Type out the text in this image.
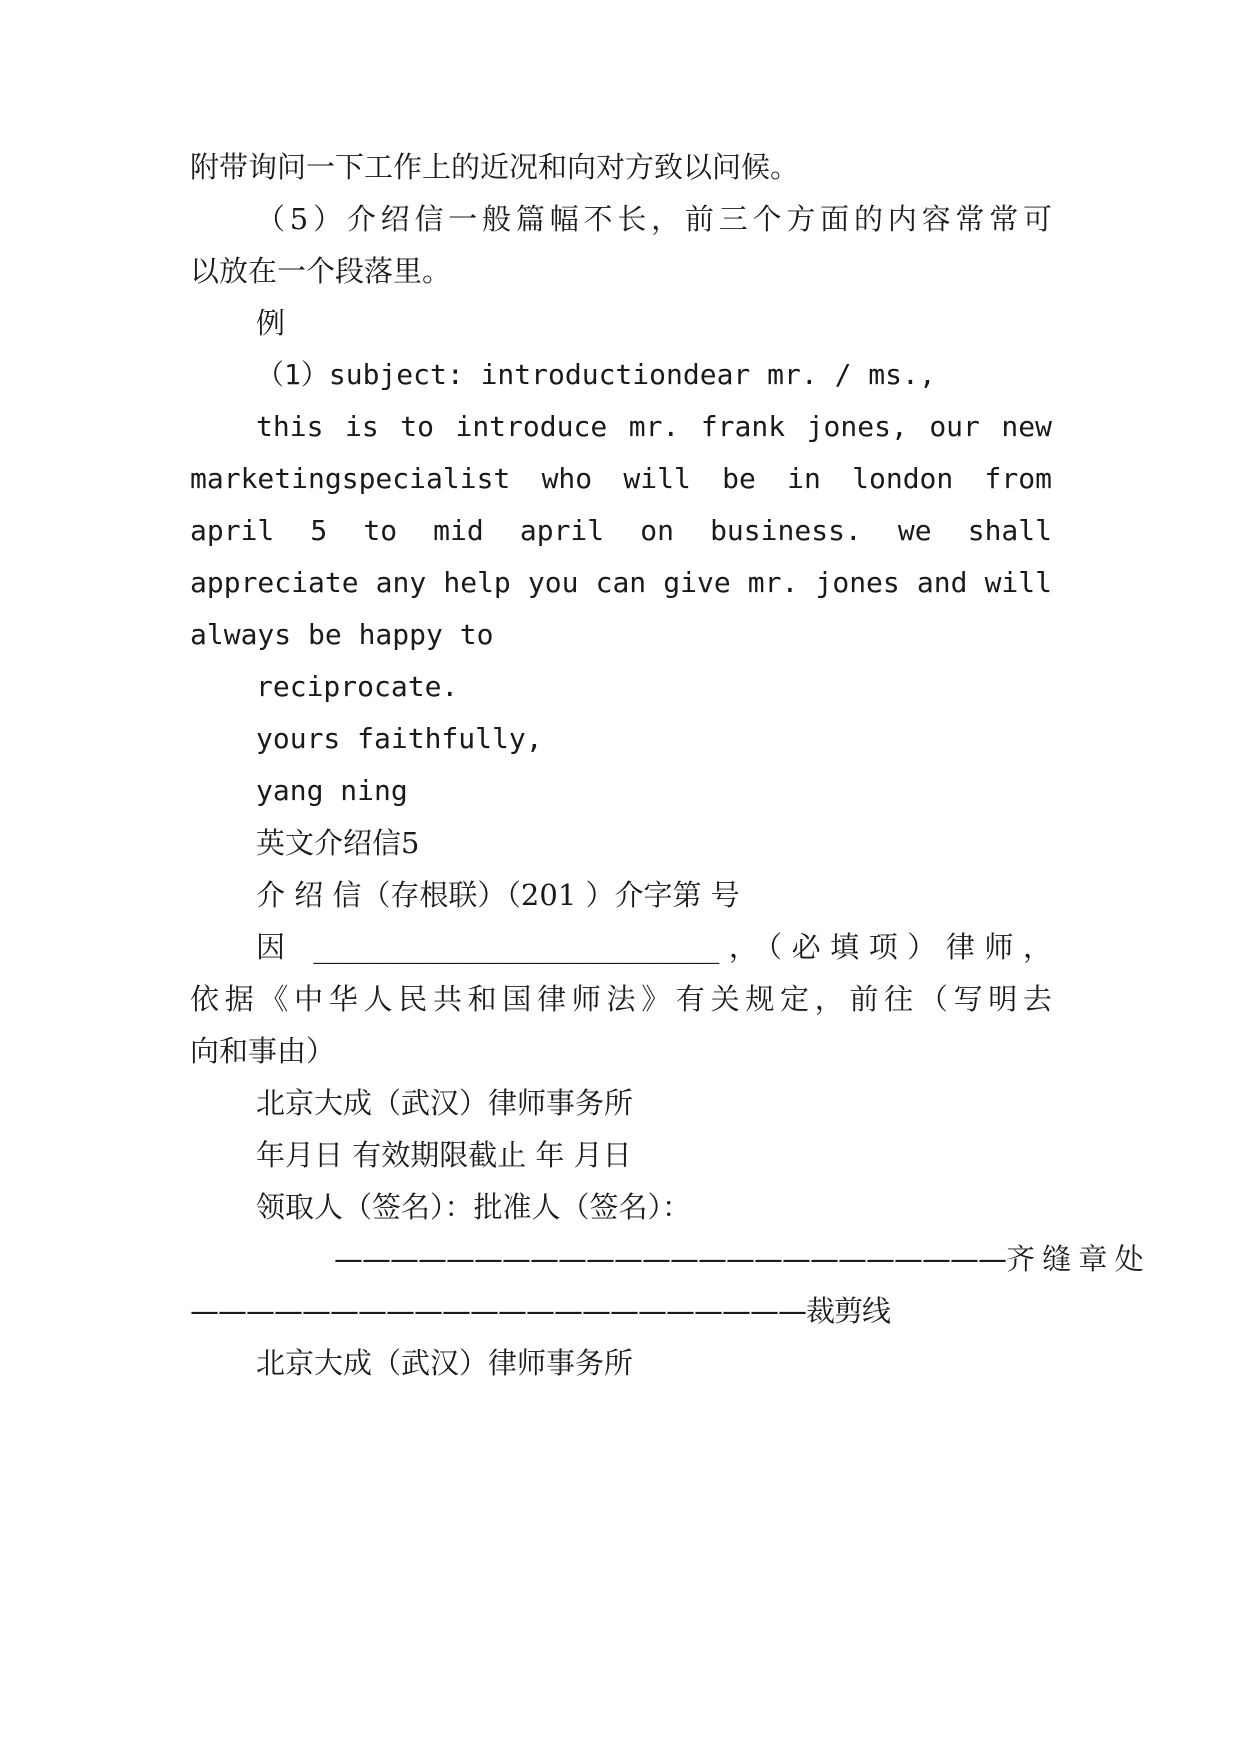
附带询问一下工作上的近况和向对方致以问候。
（5）介绍信一般篇幅不长，前三个方面的内容常常可
以放在一个段落里。
例
（1）subject: introductiondear mr. / ms.,
this is to introduce mr. frank jones, our new
marketingspecialist who will be in london from
april 5 to mid april on business. we shall
appreciate any help you can give mr. jones and will
always be happy to
reciprocate.
yours faithfully,
yang ning
英文介绍信5
介 绍 信（存根联）（201 ）介字第 号
因 ____________________________，（必填项）律师，
依据《中华人民共和国律师法》有关规定，前往（写明去
向和事由）
北京大成（武汉）律师事务所
年月日 有效期限截止 年 月日
领取人（签名）：批准人（签名）：
————————————————————————齐 缝 章 处
——————————————————————裁剪线
北京大成（武汉）律师事务所
